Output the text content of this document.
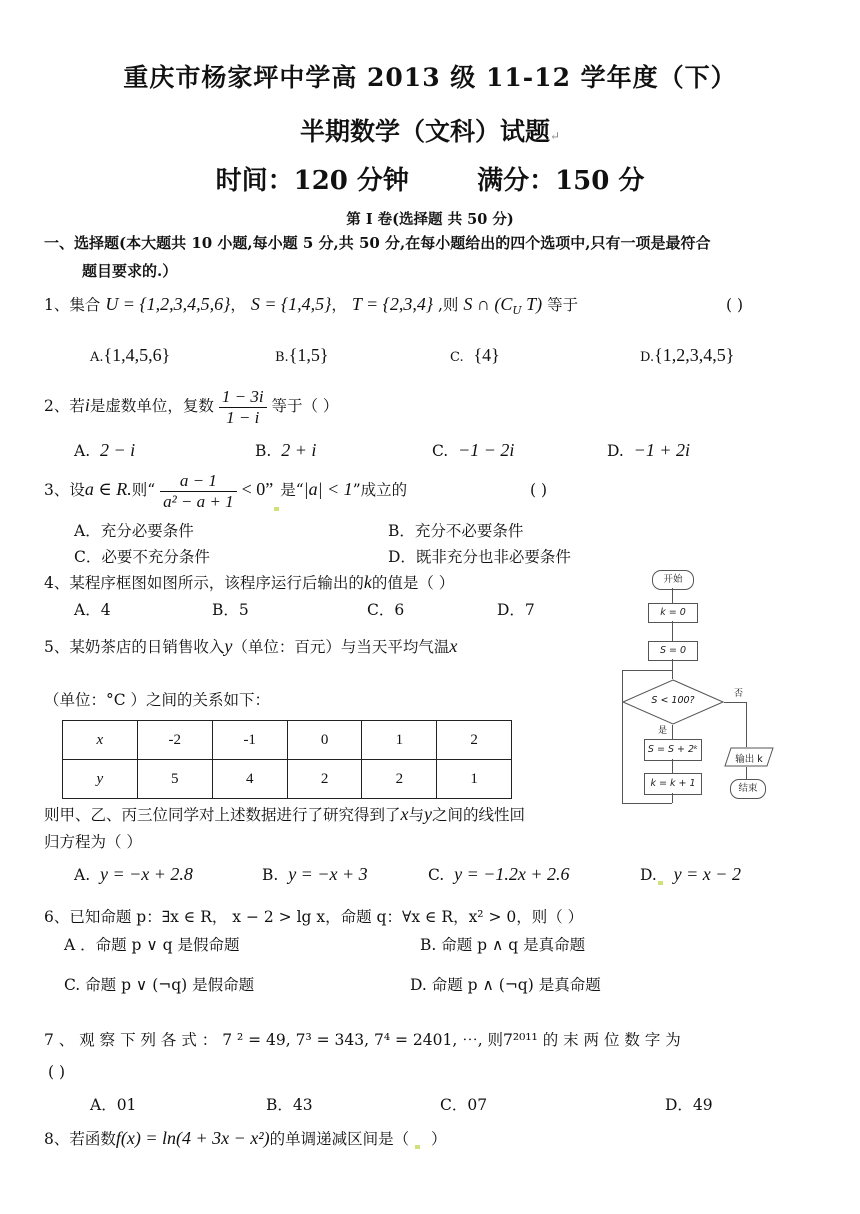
重庆市杨家坪中学高 2013 级 11-12 学年度（下）
半期数学（文科）试题↵
时间：120 分钟	满分：150 分
第 I 卷(选择题 共 50 分)
一、选择题(本大题共 10 小题,每小题 5 分,共 50 分,在每小题给出的四个选项中,只有一项是最符合
题目要求的.）
1、集合 U = {1,2,3,4,5,6}， S = {1,4,5}， T = {2,3,4} ,则 S ∩ ($C_U$ T) 等于	( )
A.{1,4,5,6}	B.{1,5}	C. {4}	D.{1,2,3,4,5}
2、若i是虚数单位，复数 $\frac{1 - 3i}{1 - i}$ 等于（ ）
A. 2 − i	B. 2 + i	C. −1 − 2i	D. −1 + 2i
3、设a ∈ R.则“ $\frac{a - 1}{\text{a² − a + 1}} < 0$” 是“|a| < 1”成立的	( )
A．充分必要条件	B．充分不必要条件
C．必要不充分条件	D．既非充分也非必要条件
4、某程序框图如图所示，该程序运行后输出的k的值是（ ）
A．4	B．5	C．6	D．7
开始
k = 0
S = 0
S < 100?
否
是
S = S + 2ᵏ
k = k + 1
输出 k
结束
5、某奶茶店的日销售收入y（单位：百元）与当天平均气温x
（单位：°C ）之间的关系如下：
x	-2	-1	0	1	2
y	5	4	2	2	1
则甲、乙、丙三位同学对上述数据进行了研究得到了x与y之间的线性回
归方程为（ ）
A. y = −x + 2.8	B. y = −x + 3	C. y = −1.2x + 2.6	D. y = x − 2
6、已知命题 p：∃x ∈ R， x − 2 > lg x，命题 q：∀x ∈ R，x² > 0，则（ ）
A ．命题 p ∨ q 是假命题	B. 命题 p ∧ q 是真命题
C. 命题 p ∨ (¬q) 是假命题	D. 命题 p ∧ (¬q) 是真命题
7 、 观 察 下 列 各 式 ： 7 ² = 49, 7³ = 343, 7⁴ = 2401, ⋯, 则7²⁰¹¹ 的 末 两 位 数 字 为
( )
A．01	B．43	C．07	D．49
8、若函数f(x) = ln(4 + 3x − x²)的单调递减区间是（ ）
